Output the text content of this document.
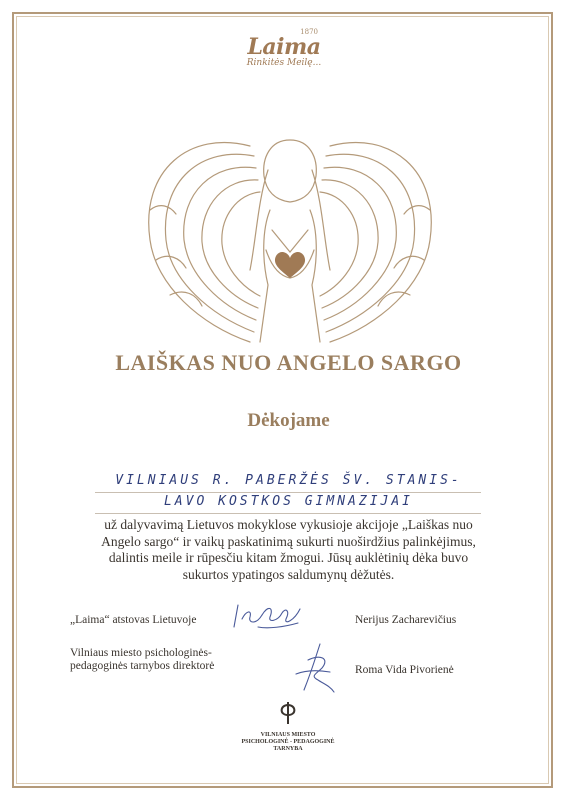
1870
Laima
Rinkitės Meilę...
LAIŠKAS NUO ANGELO SARGO
Dėkojame
VILNIAUS R. PABERŽĖS ŠV. STANIS-
LAVO KOSTKOS GIMNAZIJAI
už dalyvavimą Lietuvos mokyklose vykusioje akcijoje „Laiškas nuo
Angelo sargo“ ir vaikų paskatinimą sukurti nuoširdžius palinkėjimus,
dalintis meile ir rūpesčiu kitam žmogui. Jūsų auklėtinių dėka buvo
sukurtos ypatingos saldumynų dėžutės.
„Laima“ atstovas Lietuvoje	Nerijus Zacharevičius
Vilniaus miesto psichologinės-
pedagoginės tarnybos direktorė	Roma Vida Pivorienė
VILNIAUS MIESTO
PSICHOLOGINĖ - PEDAGOGINĖ
TARNYBA
